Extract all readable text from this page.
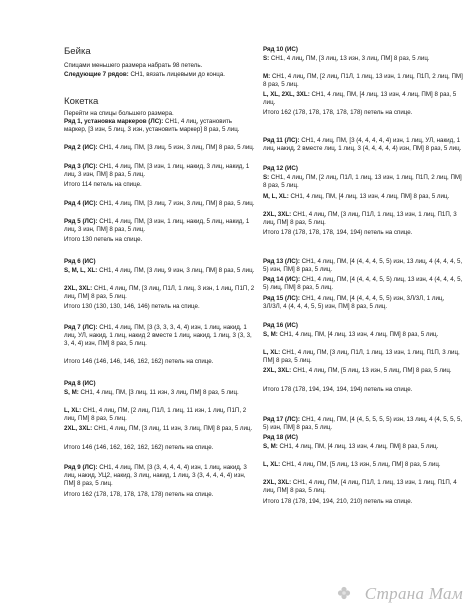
Бейка
Спицами меньшего размера набрать 98 петель.
Следующие 7 рядов: СН1, вязать лицевыми до конца.
Кокетка
Перейти на спицы большего размера.
Ряд 1, установка маркеров (ЛС): СН1, 4 лиц, установить маркер, [3 изн, 5 лиц, 3 изн, установить маркер] 8 раз, 5 лиц.
Ряд 2 (ИС): СН1, 4 лиц, ПМ, [3 лиц, 5 изн, 3 лиц, ПМ] 8 раз, 5 лиц.
Ряд 3 (ЛС): СН1, 4 лиц, ПМ, [3 изн, 1 лиц, накид, 3 лиц, накид, 1 лиц, 3 изн, ПМ] 8 раз, 5 лиц.
Итого 114 петель на спице.
Ряд 4 (ИС): СН1, 4 лиц, ПМ, [3 лиц, 7 изн, 3 лиц, ПМ] 8 раз, 5 лиц.
Ряд 5 (ЛС): СН1, 4 лиц, ПМ, [3 изн, 1 лиц, накид, 5 лиц, накид, 1 лиц, 3 изн, ПМ] 8 раз, 5 лиц.
Итого 130 петель на спице.
Ряд 6 (ИС)
S, M, L, XL: СН1, 4 лиц, ПМ, [3 лиц, 9 изн, 3 лиц, ПМ] 8 раз, 5 лиц.
2XL, 3XL: СН1, 4 лиц, ПМ, [3 лиц, П1Л, 1 лиц, 3 изн, 1 лиц, П1П, 2 лиц, ПМ] 8 раз, 5 лиц.
Итого 130 (130, 130, 146, 146) петель на спице.
Ряд 7 (ЛС): СН1, 4 лиц, ПМ, [3 (3, 3, 3, 4, 4) изн, 1 лиц, накид, 1 лиц, УЛ, накид, 1 лиц, накид 2 вместе 1 лиц, накид, 1 лиц, 3 (3, 3, 3, 4, 4) изн, ПМ] 8 раз, 5 лиц.
Итого 146 (146, 146, 146, 162, 162) петель на спице.
Ряд 8 (ИС)
S, M: СН1, 4 лиц, ПМ, [3 лиц, 11 изн, 3 лиц, ПМ] 8 раз, 5 лиц.
L, XL: СН1, 4 лиц, ПМ, [2 лиц, П1Л, 1 лиц, 11 изн, 1 лиц, П1П, 2 лиц, ПМ] 8 раз, 5 лиц.
2XL, 3XL: СН1, 4 лиц, ПМ, [3 лиц, 11 изн, 3 лиц, ПМ] 8 раз, 5 лиц.
Итого 146 (146, 162, 162, 162, 162) петель на спице.
Ряд 9 (ЛС): СН1, 4 лиц, ПМ, [3 (3, 4, 4, 4, 4) изн, 1 лиц, накид, 3 лиц, накид, УЦ2, накид, 3 лиц, накид, 1 лиц, 3 (3, 4, 4, 4, 4) изн, ПМ] 8 раз, 5 лиц.
Итого 162 (178, 178, 178, 178, 178) петель на спице.
Ряд 10 (ИС)
S: СН1, 4 лиц, ПМ, [3 лиц, 13 изн, 3 лиц, ПМ] 8 раз, 5 лиц.
M: СН1, 4 лиц, ПМ, [2 лиц, П1Л, 1 лиц, 13 изн, 1 лиц, П1П, 2 лиц, ПМ] 8 раз, 5 лиц.
L, XL, 2XL, 3XL: СН1, 4 лиц, ПМ, [4 лиц, 13 изн, 4 лиц, ПМ] 8 раз, 5 лиц.
Итого 162 (178, 178, 178, 178, 178) петель на спице.
Ряд 11 (ЛС): СН1, 4 лиц, ПМ, [3 (4, 4, 4, 4, 4) изн, 1 лиц, УЛ, накид, 1 лиц, накид, 2 вместе лиц, 1 лиц, 3 (4, 4, 4, 4, 4) изн, ПМ] 8 раз, 5 лиц.
Ряд 12 (ИС)
S: СН1, 4 лиц, ПМ, [2 лиц, П1Л, 1 лиц, 13 изн, 1 лиц, П1П, 2 лиц, ПМ] 8 раз, 5 лиц.
M, L, XL: СН1, 4 лиц, ПМ, [4 лиц, 13 изн, 4 лиц, ПМ] 8 раз, 5 лиц.
2XL, 3XL: СН1, 4 лиц, ПМ, [3 лиц, П1Л, 1 лиц, 13 изн, 1 лиц, П1П, 3 лиц, ПМ] 8 раз, 5 лиц.
Итого 178 (178, 178, 178, 194, 194) петель на спице.
Ряд 13 (ЛС): СН1, 4 лиц, ПМ, [4 (4, 4, 4, 5, 5) изн, 13 лиц, 4 (4, 4, 4, 5, 5) изн, ПМ] 8 раз, 5 лиц.
Ряд 14 (ИС): СН1, 4 лиц, ПМ, [4 (4, 4, 4, 5, 5) лиц, 13 изн, 4 (4, 4, 4, 5, 5) лиц, ПМ] 8 раз, 5 лиц.
Ряд 15 (ЛС): СН1, 4 лиц, ПМ, [4 (4, 4, 4, 5, 5) изн, 3Л/3Л, 1 лиц, 3Л/3Л, 4 (4, 4, 4, 5, 5) изн, ПМ] 8 раз, 5 лиц.
Ряд 16 (ИС)
S, M: СН1, 4 лиц, ПМ, [4 лиц, 13 изн, 4 лиц, ПМ] 8 раз, 5 лиц.
L, XL: СН1, 4 лиц, ПМ, [3 лиц, П1Л, 1 лиц, 13 изн, 1 лиц, П1П, 3 лиц, ПМ] 8 раз, 5 лиц.
2XL, 3XL: СН1, 4 лиц, ПМ, [5 лиц, 13 изн, 5 лиц, ПМ] 8 раз, 5 лиц.
Итого 178 (178, 194, 194, 194, 194) петель на спице.
Ряд 17 (ЛС): СН1, 4 лиц, ПМ, [4 (4, 5, 5, 5, 5) изн, 13 лиц, 4 (4, 5, 5, 5, 5) изн, ПМ] 8 раз, 5 лиц.
Ряд 18 (ИС)
S, M: СН1, 4 лиц, ПМ, [4 лиц, 13 изн, 4 лиц, ПМ] 8 раз, 5 лиц.
L, XL: СН1, 4 лиц, ПМ, [5 лиц, 13 изн, 5 лиц, ПМ] 8 раз, 5 лиц.
2XL, 3XL: СН1, 4 лиц, ПМ, [4 лиц, П1Л, 1 лиц, 13 изн, 1 лиц, П1П, 4 лиц, ПМ] 8 раз, 5 лиц.
Итого 178 (178, 194, 194, 210, 210) петель на спице.
Страна Мам
